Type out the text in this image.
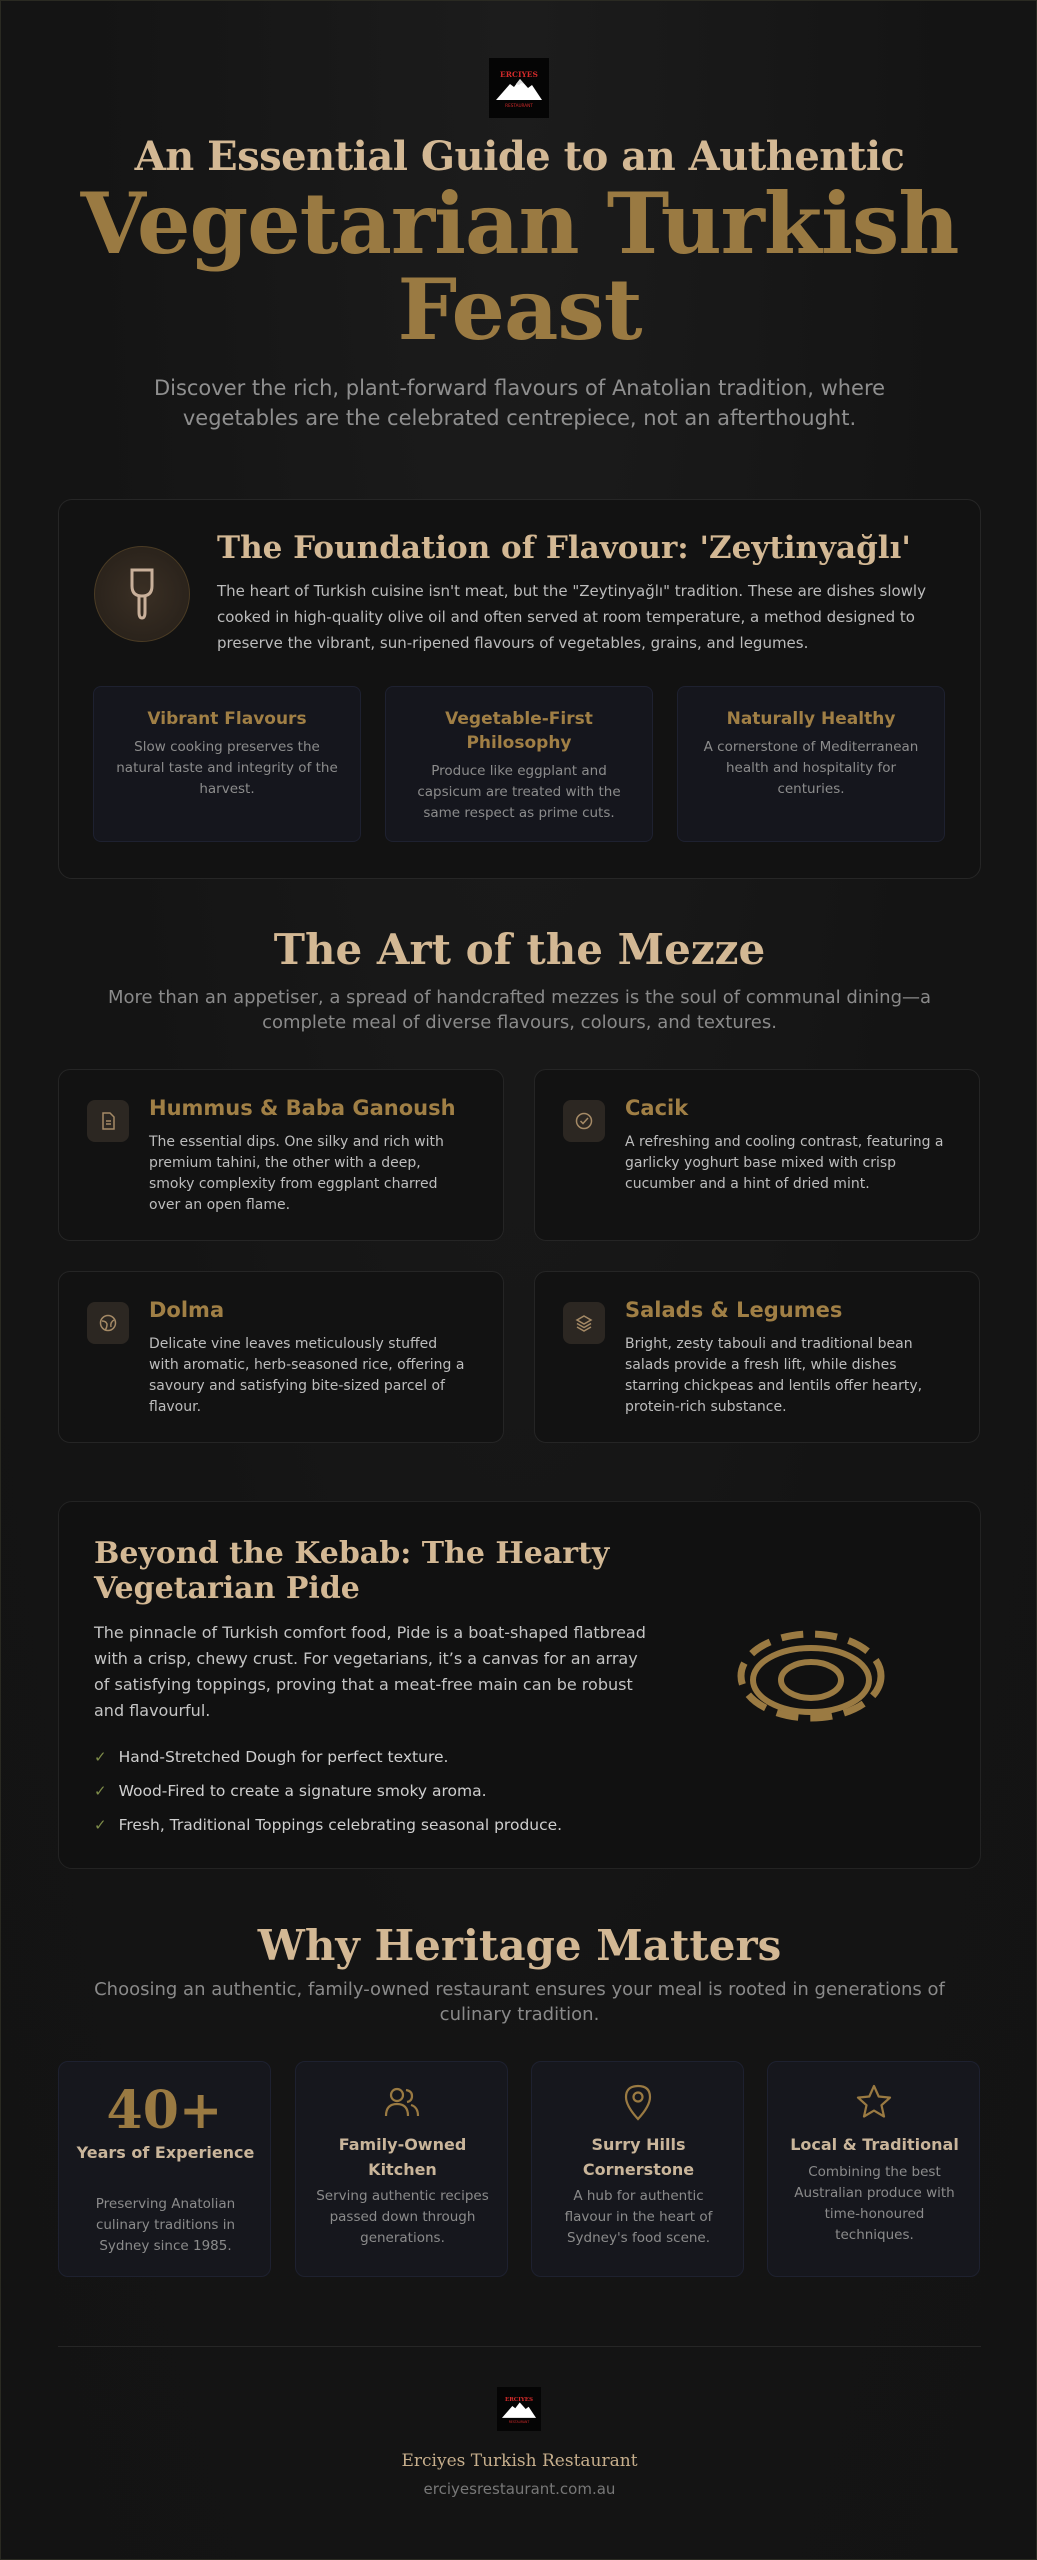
ERCIYES
RESTAURANT
An Essential Guide to an Authentic
Vegetarian Turkish Feast

Discover the rich, plant-forward flavours of Anatolian tradition, where vegetables are the celebrated centrepiece, not an afterthought.

The Foundation of Flavour: 'Zeytinyağlı'

The heart of Turkish cuisine isn't meat, but the "Zeytinyağlı" tradition. These are dishes slowly cooked in high-quality olive oil and often served at room temperature, a method designed to preserve the vibrant, sun-ripened flavours of vegetables, grains, and legumes.

Vibrant Flavours

Slow cooking preserves the natural taste and integrity of the harvest.

Vegetable-First Philosophy

Produce like eggplant and capsicum are treated with the same respect as prime cuts.

Naturally Healthy

A cornerstone of Mediterranean health and hospitality for centuries.

The Art of the Mezze

More than an appetiser, a spread of handcrafted mezzes is the soul of communal dining—a complete meal of diverse flavours, colours, and textures.

Hummus & Baba Ganoush

The essential dips. One silky and rich with premium tahini, the other with a deep, smoky complexity from eggplant charred over an open flame.

Cacik

A refreshing and cooling contrast, featuring a garlicky yoghurt base mixed with crisp cucumber and a hint of dried mint.

Dolma

Delicate vine leaves meticulously stuffed with aromatic, herb-seasoned rice, offering a savoury and satisfying bite-sized parcel of flavour.

Salads & Legumes

Bright, zesty tabouli and traditional bean salads provide a fresh lift, while dishes starring chickpeas and lentils offer hearty, protein-rich substance.

Beyond the Kebab: The Hearty Vegetarian Pide

The pinnacle of Turkish comfort food, Pide is a boat-shaped flatbread with a crisp, chewy crust. For vegetarians, it’s a canvas for an array of satisfying toppings, proving that a meat-free main can be robust and flavourful.

✓ Hand-Stretched Dough for perfect texture.
✓ Wood-Fired to create a signature smoky aroma.
✓ Fresh, Traditional Toppings celebrating seasonal produce.
Why Heritage Matters

Choosing an authentic, family-owned restaurant ensures your meal is rooted in generations of culinary tradition.

40+
Years of Experience

Preserving Anatolian culinary traditions in Sydney since 1985.

Family-Owned Kitchen

Serving authentic recipes passed down through generations.

Surry Hills Cornerstone

A hub for authentic flavour in the heart of Sydney's food scene.

Local & Traditional

Combining the best Australian produce with time-honoured techniques.

ERCIYES
RESTAURANT
Erciyes Turkish Restaurant
erciyesrestaurant.com.au
